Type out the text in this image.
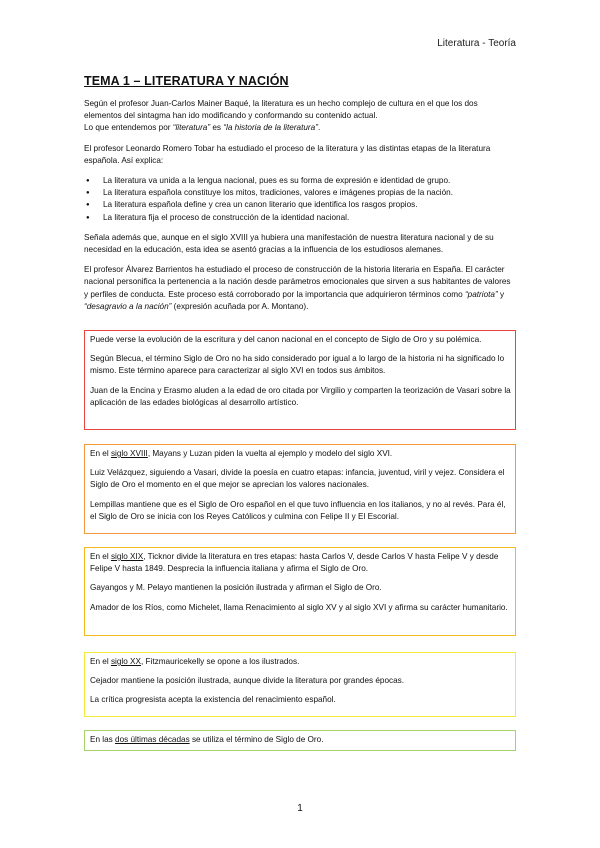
Literatura - Teoría
TEMA 1 – LITERATURA Y NACIÓN

Según el profesor Juan-Carlos Mainer Baqué, la literatura es un hecho complejo de cultura en el que los dos elementos del sintagma han ido modificando y conformando su contenido actual.
Lo que entendemos por “literatura” es “la historia de la literatura”.

El profesor Leonardo Romero Tobar ha estudiado el proceso de la literatura y las distintas etapas de la literatura española. Así explica:

● La literatura va unida a la lengua nacional, pues es su forma de expresión e identidad de grupo.
● La literatura española constituye los mitos, tradiciones, valores e imágenes propias de la nación.
● La literatura española define y crea un canon literario que identifica los rasgos propios.
● La literatura fija el proceso de construcción de la identidad nacional.

Señala además que, aunque en el siglo XVIII ya hubiera una manifestación de nuestra literatura nacional y de su necesidad en la educación, esta idea se asentó gracias a la influencia de los estudiosos alemanes.

El profesor Álvarez Barrientos ha estudiado el proceso de construcción de la historia literaria en España. El carácter nacional personifica la pertenencia a la nación desde parámetros emocionales que sirven a sus habitantes de valores y perfiles de conducta. Este proceso está corroborado por la importancia que adquirieron términos como “patriota” y “desagravio a la nación” (expresión acuñada por A. Montano).

Puede verse la evolución de la escritura y del canon nacional en el concepto de Siglo de Oro y su polémica.

Según Blecua, el término Siglo de Oro no ha sido considerado por igual a lo largo de la historia ni ha significado lo mismo. Este término aparece para caracterizar al siglo XVI en todos sus ámbitos.

Juan de la Encina y Erasmo aluden a la edad de oro citada por Virgilio y comparten la teorización de Vasari sobre la aplicación de las edades biológicas al desarrollo artístico.

En el siglo XVIII, Mayans y Luzan piden la vuelta al ejemplo y modelo del siglo XVI.

Luiz Velázquez, siguiendo a Vasari, divide la poesía en cuatro etapas: infancia, juventud, viril y vejez. Considera el Siglo de Oro el momento en el que mejor se aprecian los valores nacionales.

Lempillas mantiene que es el Siglo de Oro español en el que tuvo influencia en los italianos, y no al revés. Para él, el Siglo de Oro se inicia con los Reyes Católicos y culmina con Felipe II y El Escorial.

En el siglo XIX, Ticknor divide la literatura en tres etapas: hasta Carlos V, desde Carlos V hasta Felipe V y desde Felipe V hasta 1849. Desprecia la influencia italiana y afirma el Siglo de Oro.

Gayangos y M. Pelayo mantienen la posición ilustrada y afirman el Siglo de Oro.

Amador de los Ríos, como Michelet, llama Renacimiento al siglo XV y al siglo XVI y afirma su carácter humanitario.

En el siglo XX, Fitzmauricekelly se opone a los ilustrados.

Cejador mantiene la posición ilustrada, aunque divide la literatura por grandes épocas.

La crítica progresista acepta la existencia del renacimiento español.

En las dos últimas décadas se utiliza el término de Siglo de Oro.

1
